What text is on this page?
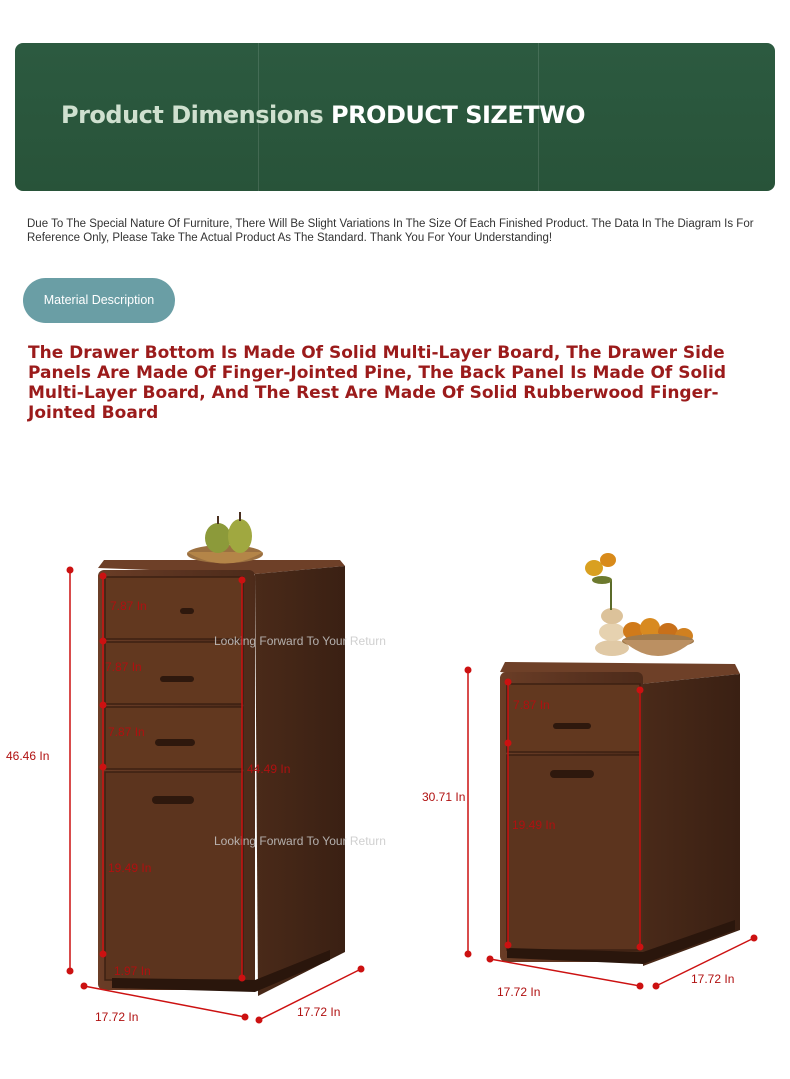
Product Dimensions PRODUCT SIZETWO
Due To The Special Nature Of Furniture, There Will Be Slight Variations In The Size Of Each Finished Product. The Data In The Diagram Is For Reference Only, Please Take The Actual Product As The Standard. Thank You For Your Understanding!
Material Description
The Drawer Bottom Is Made Of Solid Multi-Layer Board, The Drawer Side Panels Are Made Of Finger-Jointed Pine, The Back Panel Is Made Of Solid Multi-Layer Board, And The Rest Are Made Of Solid Rubberwood Finger-Jointed Board
Looking Forward To Your Return
Looking Forward To Your Return
46.46 In
7.87 In
7.87 In
7.87 In
44.49 In
19.49 In
1.97 In
17.72 In	17.72 In
30.71 In
7.87 In
19.49 In
17.72 In
17.72 In
